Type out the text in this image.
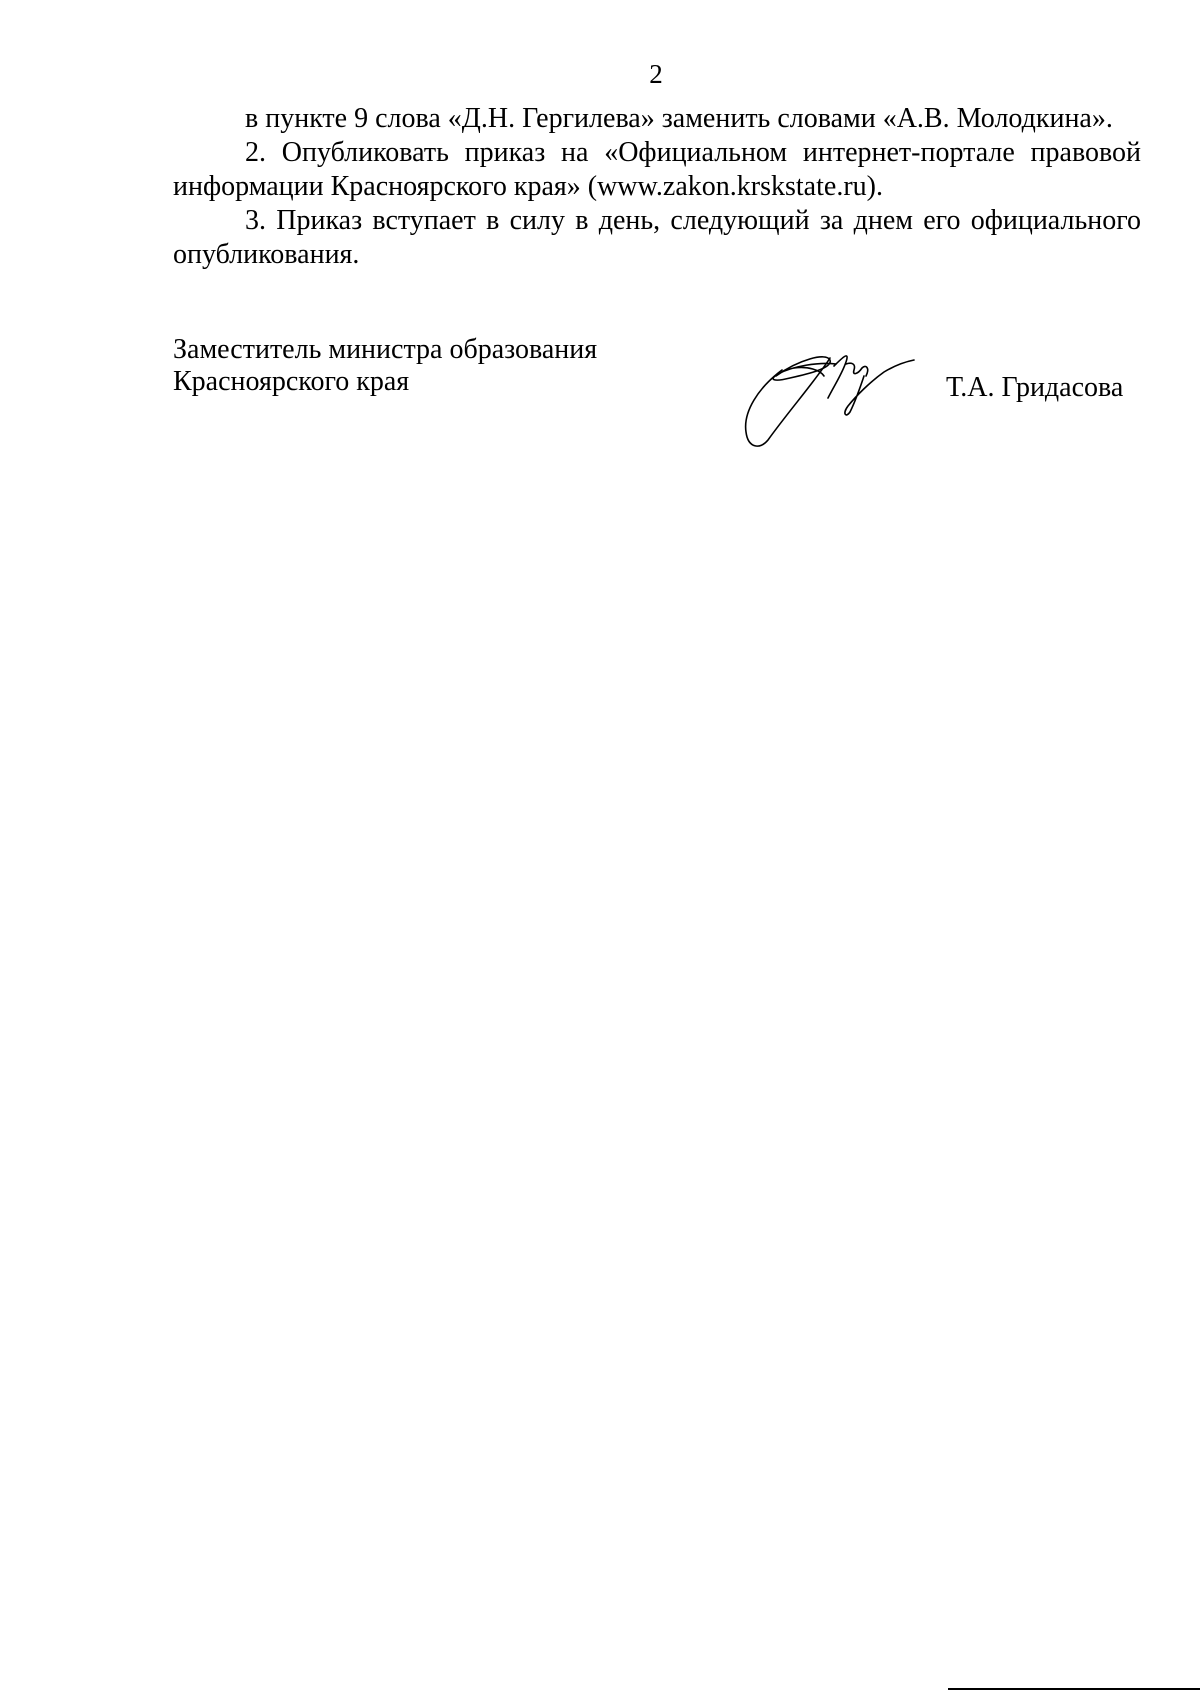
2

в пункте 9 слова «Д.Н. Гергилева» заменить словами «А.В. Молодкина».

2. Опубликовать приказ на «Официальном интернет-портале правовой информации Красноярского края» (www.zakon.krskstate.ru).

3. Приказ вступает в силу в день, следующий за днем его официального опубликования.

Заместитель министра образования
Красноярского края	Т.А. Гридасова
